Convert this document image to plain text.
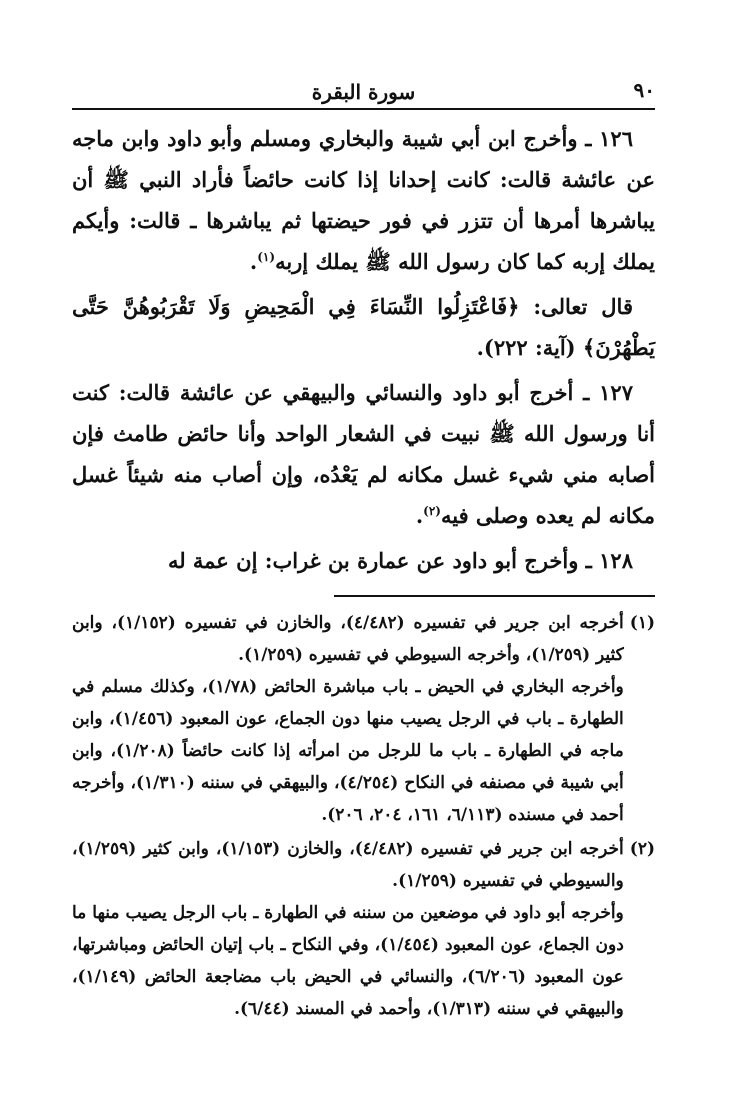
٩٠
سورة البقرة

١٢٦ ـ وأخرج ابن أبي شيبة والبخاري ومسلم وأبو داود وابن ماجه عن عائشة قالت: كانت إحدانا إذا كانت حائضاً فأراد النبي ﷺ أن يباشرها أمرها أن تتزر في فور حيضتها ثم يباشرها ـ قالت: وأيكم يملك إربه كما كان رسول الله ﷺ يملك إربه$^{(١)}$.

قال تعالى: ﴿فَاعْتَزِلُوا النِّسَاءَ فِي الْمَحِيضِ وَلَا تَقْرَبُوهُنَّ حَتَّى يَطْهُرْنَ﴾ (آية: ٢٢٢).

١٢٧ ـ أخرج أبو داود والنسائي والبيهقي عن عائشة قالت: كنت أنا ورسول الله ﷺ نبيت في الشعار الواحد وأنا حائض طامث فإن أصابه مني شيء غسل مكانه لم يَعْدُه، وإن أصاب منه شيئاً غسل مكانه لم يعده وصلى فيه$^{(٢)}$.

١٢٨ ـ وأخرج أبو داود عن عمارة بن غراب: إن عمة له

(١)

أخرجه ابن جرير في تفسيره (٤/٤٨٢)، والخازن في تفسيره (١/١٥٢)، وابن كثير (١/٢٥٩)، وأخرجه السيوطي في تفسيره (١/٢٥٩).

وأخرجه البخاري في الحيض ـ باب مباشرة الحائض (١/٧٨)، وكذلك مسلم في الطهارة ـ باب في الرجل يصيب منها دون الجماع، عون المعبود (١/٤٥٦)، وابن ماجه في الطهارة ـ باب ما للرجل من امرأته إذا كانت حائضاً (١/٢٠٨)، وابن أبي شيبة في مصنفه في النكاح (٤/٢٥٤)، والبيهقي في سننه (١/٣١٠)، وأخرجه أحمد في مسنده (٦/١١٣، ١٦١، ٢٠٤، ٢٠٦).

(٢)

أخرجه ابن جرير في تفسيره (٤/٤٨٢)، والخازن (١/١٥٣)، وابن كثير (١/٢٥٩)، والسيوطي في تفسيره (١/٢٥٩).

وأخرجه أبو داود في موضعين من سننه في الطهارة ـ باب الرجل يصيب منها ما دون الجماع، عون المعبود (١/٤٥٤)، وفي النكاح ـ باب إتيان الحائض ومباشرتها، عون المعبود (٦/٢٠٦)، والنسائي في الحيض باب مضاجعة الحائض (١/١٤٩)، والبيهقي في سننه (١/٣١٣)، وأحمد في المسند (٦/٤٤).
